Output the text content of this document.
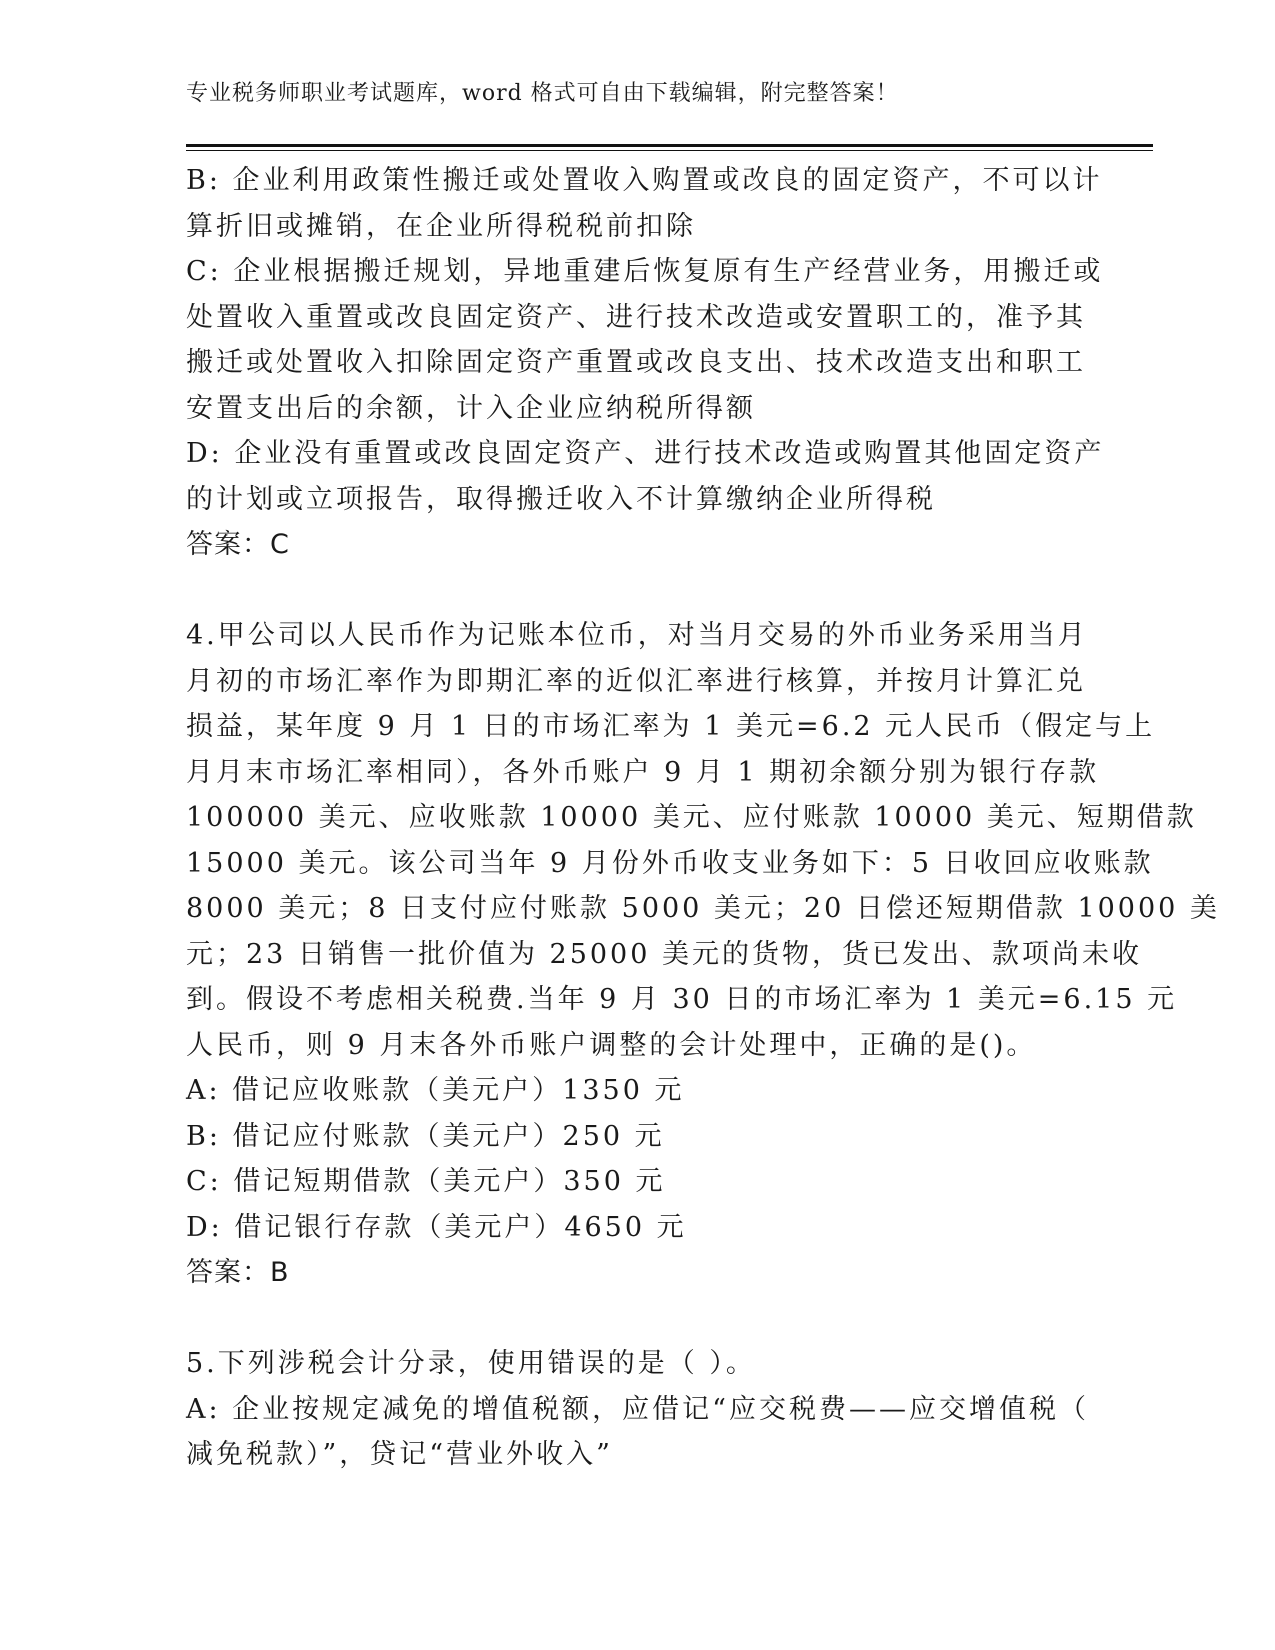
专业税务师职业考试题库，word 格式可自由下载编辑，附完整答案！
B: 企业利用政策性搬迁或处置收入购置或改良的固定资产，不可以计
算折旧或摊销，在企业所得税税前扣除
C: 企业根据搬迁规划，异地重建后恢复原有生产经营业务，用搬迁或
处置收入重置或改良固定资产、进行技术改造或安置职工的，准予其
搬迁或处置收入扣除固定资产重置或改良支出、技术改造支出和职工
安置支出后的余额，计入企业应纳税所得额
D: 企业没有重置或改良固定资产、进行技术改造或购置其他固定资产
的计划或立项报告，取得搬迁收入不计算缴纳企业所得税
答案：C
4.甲公司以人民币作为记账本位币，对当月交易的外币业务采用当月
月初的市场汇率作为即期汇率的近似汇率进行核算，并按月计算汇兑
损益，某年度 9 月 1 日的市场汇率为 1 美元=6.2 元人民币（假定与上
月月末市场汇率相同），各外币账户 9 月 1 期初余额分别为银行存款
100000 美元、应收账款 10000 美元、应付账款 10000 美元、短期借款
15000 美元。该公司当年 9 月份外币收支业务如下：5 日收回应收账款
8000 美元；8 日支付应付账款 5000 美元；20 日偿还短期借款 10000 美
元；23 日销售一批价值为 25000 美元的货物，货已发出、款项尚未收
到。假设不考虑相关税费.当年 9 月 30 日的市场汇率为 1 美元=6.15 元
人民币，则 9 月末各外币账户调整的会计处理中，正确的是()。
A: 借记应收账款（美元户）1350 元
B: 借记应付账款（美元户）250 元
C: 借记短期借款（美元户）350 元
D: 借记银行存款（美元户）4650 元
答案：B
5.下列涉税会计分录，使用错误的是（ ）。
A: 企业按规定减免的增值税额，应借记“应交税费——应交增值税（
减免税款）”，贷记“营业外收入”
